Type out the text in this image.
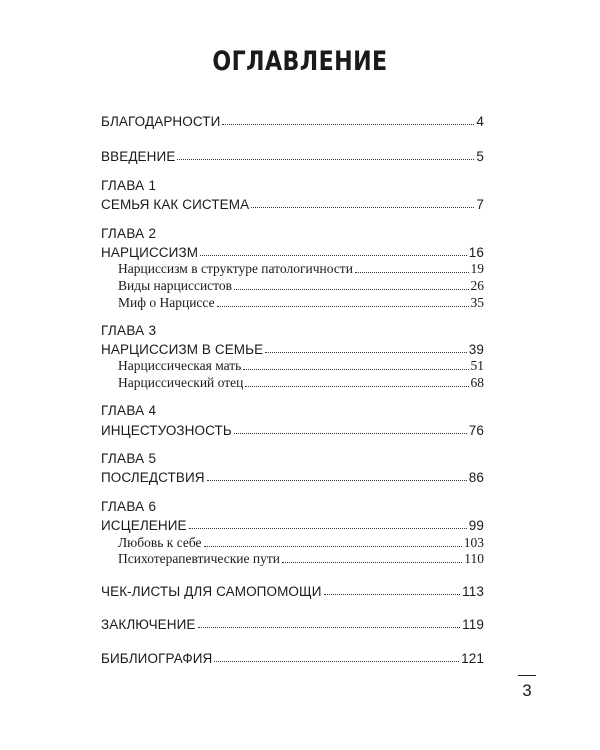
ОГЛАВЛЕНИЕ
БЛАГОДАРНОСТИ	4
ВВЕДЕНИЕ	5
ГЛАВА 1
СЕМЬЯ КАК СИСТЕМА	7
ГЛАВА 2
НАРЦИССИЗМ	16
Нарциссизм в структуре патологичности	19
Виды нарциссистов	26
Миф о Нарциссе	35
ГЛАВА 3
НАРЦИССИЗМ В СЕМЬЕ	39
Нарциссическая мать	51
Нарциссический отец	68
ГЛАВА 4
ИНЦЕСТУОЗНОСТЬ	76
ГЛАВА 5
ПОСЛЕДСТВИЯ	86
ГЛАВА 6
ИСЦЕЛЕНИЕ	99
Любовь к себе	103
Психотерапевтические пути	110
ЧЕК-ЛИСТЫ ДЛЯ САМОПОМОЩИ	113
ЗАКЛЮЧЕНИЕ	119
БИБЛИОГРАФИЯ	121
3
